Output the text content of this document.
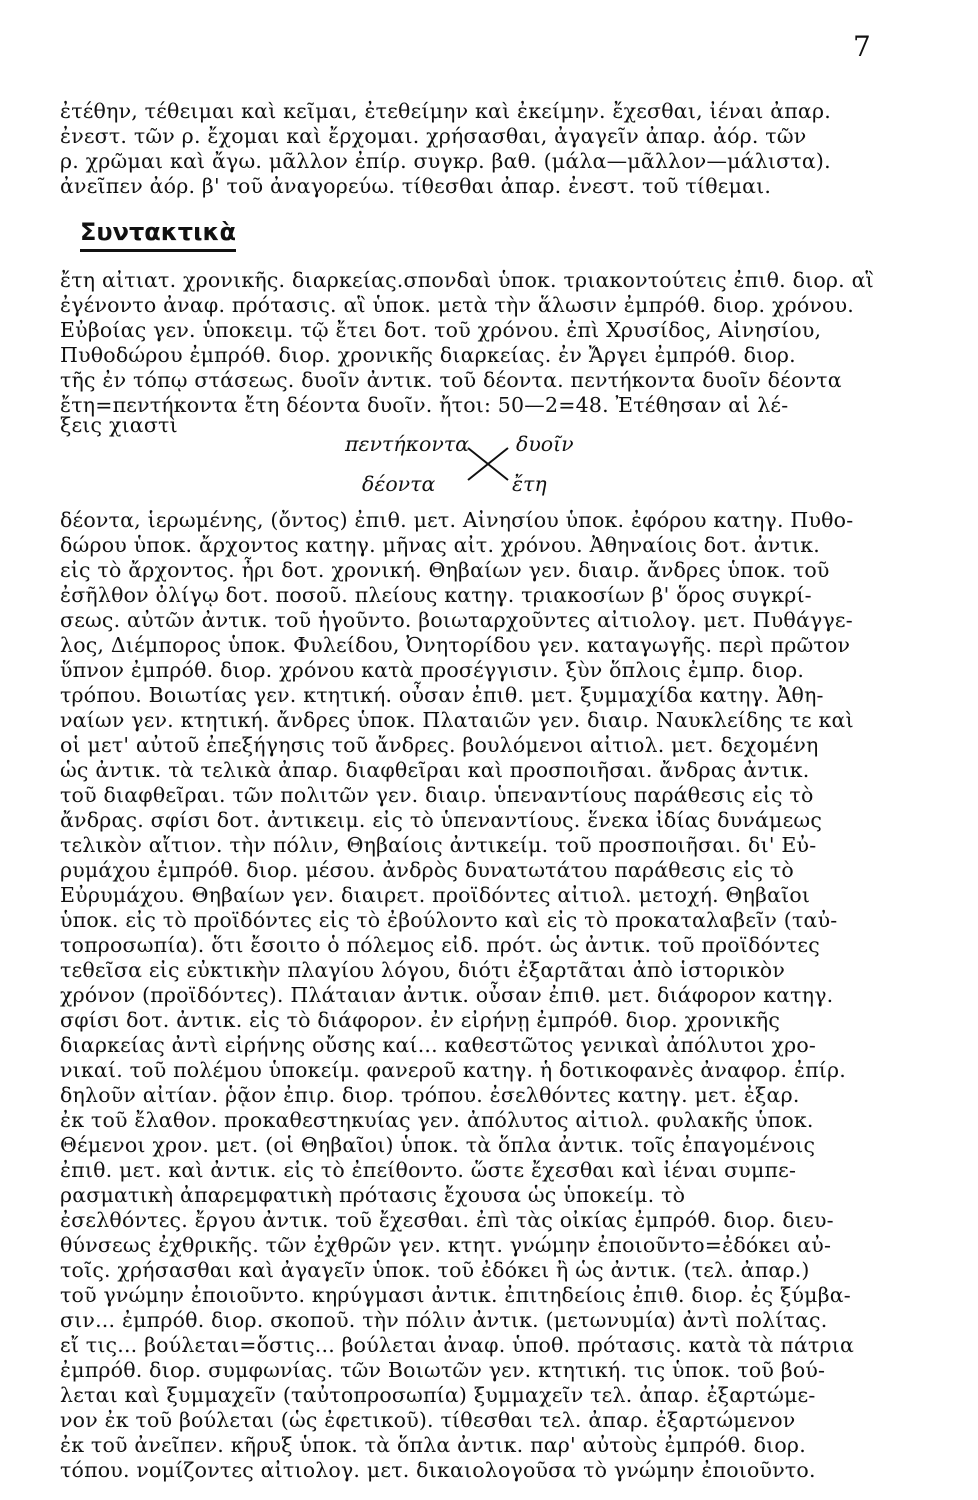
7
ἐτέθην, τέθειμαι καὶ κεῖμαι, ἐτεθείμην καὶ ἐκείμην. ἔχεσθαι, ἰέναι ἀπαρ.
ἐνεστ. τῶν ρ. ἔχομαι καὶ ἔρχομαι. χρήσασθαι, ἀγαγεῖν ἀπαρ. ἀόρ. τῶν
ρ. χρῶμαι καὶ ἄγω. μᾶλλον ἐπίρ. συγκρ. βαθ. (μάλα—μᾶλλον—μάλιστα).
ἀνεῖπεν ἀόρ. β' τοῦ ἀναγορεύω. τίθεσθαι ἀπαρ. ἐνεστ. τοῦ τίθεμαι.
Συντακτικὰ
ἔτη αἰτιατ. χρονικῆς. διαρκείας.σπονδαὶ ὑποκ. τριακοντούτεις ἐπιθ. διορ. αἳ
ἐγένοντο ἀναφ. πρότασις. αἳ ὑποκ. μετὰ τὴν ἅλωσιν ἐμπρόθ. διορ. χρόνου.
Εὐβοίας γεν. ὑποκειμ. τῷ ἔτει δοτ. τοῦ χρόνου. ἐπὶ Χρυσίδος, Αἰνησίου,
Πυθοδώρου ἐμπρόθ. διορ. χρονικῆς διαρκείας. ἐν Ἄργει ἐμπρόθ. διορ.
τῆς ἐν τόπῳ στάσεως. δυοῖν ἀντικ. τοῦ δέοντα. πεντήκοντα δυοῖν δέοντα
ἔτη=πεντήκοντα ἔτη δέοντα δυοῖν. ἤτοι: 50—2=48. Ἐτέθησαν αἱ λέ-
ξεις χιαστὶ
πεντήκοντα δυοῖν
δέοντα	ἔτη
δέοντα, ἱερωμένης, (ὄντος) ἐπιθ. μετ. Αἰνησίου ὑποκ. ἐφόρου κατηγ. Πυθο-
δώρου ὑποκ. ἄρχοντος κατηγ. μῆνας αἰτ. χρόνου. Ἀθηναίοις δοτ. ἀντικ.
εἰς τὸ ἄρχοντος. ἦρι δοτ. χρονική. Θηβαίων γεν. διαιρ. ἄνδρες ὑποκ. τοῦ
ἐσῆλθον ὀλίγῳ δοτ. ποσοῦ. πλείους κατηγ. τριακοσίων β' ὅρος συγκρί-
σεως. αὐτῶν ἀντικ. τοῦ ἡγοῦντο. βοιωταρχοῦντες αἰτιολογ. μετ. Πυθάγγε-
λος, Διέμπορος ὑποκ. Φυλείδου, Ὀνητορίδου γεν. καταγωγῆς. περὶ πρῶτον
ὕπνον ἐμπρόθ. διορ. χρόνου κατὰ προσέγγισιν. ξὺν ὅπλοις ἐμπρ. διορ.
τρόπου. Βοιωτίας γεν. κτητική. οὖσαν ἐπιθ. μετ. ξυμμαχίδα κατηγ. Ἀθη-
ναίων γεν. κτητική. ἄνδρες ὑποκ. Πλαταιῶν γεν. διαιρ. Ναυκλείδης τε καὶ
οἱ μετ' αὐτοῦ ἐπεξήγησις τοῦ ἄνδρες. βουλόμενοι αἰτιολ. μετ. δεχομένη
ὡς ἀντικ. τὰ τελικὰ ἀπαρ. διαφθεῖραι καὶ προσποιῆσαι. ἄνδρας ἀντικ.
τοῦ διαφθεῖραι. τῶν πολιτῶν γεν. διαιρ. ὑπεναντίους παράθεσις εἰς τὸ
ἄνδρας. σφίσι δοτ. ἀντικειμ. εἰς τὸ ὑπεναντίους. ἕνεκα ἰδίας δυνάμεως
τελικὸν αἴτιον. τὴν πόλιν, Θηβαίοις ἀντικείμ. τοῦ προσποιῆσαι. δι' Εὐ-
ρυμάχου ἐμπρόθ. διορ. μέσου. ἀνδρὸς δυνατωτάτου παράθεσις εἰς τὸ
Εὐρυμάχου. Θηβαίων γεν. διαιρετ. προϊδόντες αἰτιολ. μετοχή. Θηβαῖοι
ὑποκ. εἰς τὸ προϊδόντες εἰς τὸ ἐβούλοντο καὶ εἰς τὸ προκαταλαβεῖν (ταὐ-
τοπροσωπία). ὅτι ἔσοιτο ὁ πόλεμος εἰδ. πρότ. ὡς ἀντικ. τοῦ προϊδόντες
τεθεῖσα εἰς εὐκτικὴν πλαγίου λόγου, διότι ἐξαρτᾶται ἀπὸ ἱστορικὸν
χρόνον (προϊδόντες). Πλάταιαν ἀντικ. οὖσαν ἐπιθ. μετ. διάφορον κατηγ.
σφίσι δοτ. ἀντικ. εἰς τὸ διάφορον. ἐν εἰρήνῃ ἐμπρόθ. διορ. χρονικῆς
διαρκείας ἀντὶ εἰρήνης οὔσης καί... καθεστῶτος γενικαὶ ἀπόλυτοι χρο-
νικαί. τοῦ πολέμου ὑποκείμ. φανεροῦ κατηγ. ἡ δοτικοφανὲς ἀναφορ. ἐπίρ.
δηλοῦν αἰτίαν. ῥᾷον ἐπιρ. διορ. τρόπου. ἐσελθόντες κατηγ. μετ. ἐξαρ.
ἐκ τοῦ ἔλαθον. προκαθεστηκυίας γεν. ἀπόλυτος αἰτιολ. φυλακῆς ὑποκ.
Θέμενοι χρον. μετ. (οἱ Θηβαῖοι) ὑποκ. τὰ ὅπλα ἀντικ. τοῖς ἐπαγομένοις
ἐπιθ. μετ. καὶ ἀντικ. εἰς τὸ ἐπείθοντο. ὥστε ἔχεσθαι καὶ ἰέναι συμπε-
ρασματικὴ ἀπαρεμφατικὴ πρότασις ἔχουσα ὡς ὑποκείμ. τὸ
ἐσελθόντες. ἔργου ἀντικ. τοῦ ἔχεσθαι. ἐπὶ τὰς οἰκίας ἐμπρόθ. διορ. διευ-
θύνσεως ἐχθρικῆς. τῶν ἐχθρῶν γεν. κτητ. γνώμην ἐποιοῦντο=ἐδόκει αὐ-
τοῖς. χρήσασθαι καὶ ἀγαγεῖν ὑποκ. τοῦ ἐδόκει ἢ ὡς ἀντικ. (τελ. ἀπαρ.)
τοῦ γνώμην ἐποιοῦντο. κηρύγμασι ἀντικ. ἐπιτηδείοις ἐπιθ. διορ. ἐς ξύμβα-
σιν... ἐμπρόθ. διορ. σκοποῦ. τὴν πόλιν ἀντικ. (μετωνυμία) ἀντὶ πολίτας.
εἴ τις... βούλεται=ὅστις... βούλεται ἀναφ. ὑποθ. πρότασις. κατὰ τὰ πάτρια
ἐμπρόθ. διορ. συμφωνίας. τῶν Βοιωτῶν γεν. κτητική. τις ὑποκ. τοῦ βού-
λεται καὶ ξυμμαχεῖν (ταὐτοπροσωπία) ξυμμαχεῖν τελ. ἀπαρ. ἐξαρτώμε-
νον ἐκ τοῦ βούλεται (ὡς ἐφετικοῦ). τίθεσθαι τελ. ἀπαρ. ἐξαρτώμενον
ἐκ τοῦ ἀνεῖπεν. κῆρυξ ὑποκ. τὰ ὅπλα ἀντικ. παρ' αὐτοὺς ἐμπρόθ. διορ.
τόπου. νομίζοντες αἰτιολογ. μετ. δικαιολογοῦσα τὸ γνώμην ἐποιοῦντο.
